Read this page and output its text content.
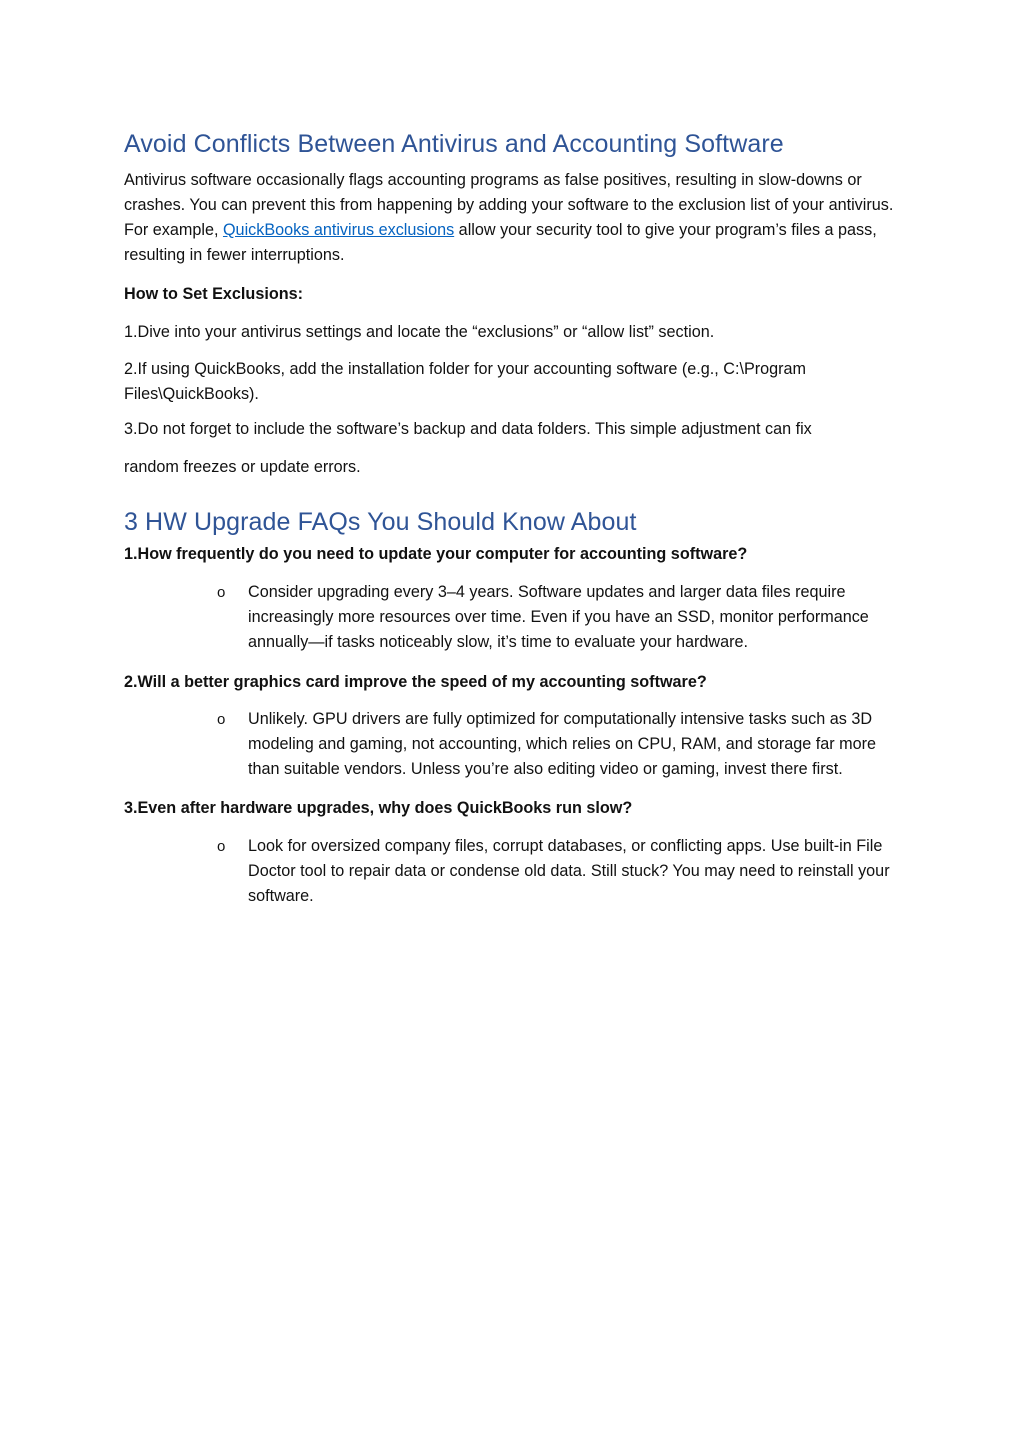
Avoid Conflicts Between Antivirus and Accounting Software

Antivirus software occasionally flags accounting programs as false positives, resulting in slow-downs or crashes. You can prevent this from happening by adding your software to the exclusion list of your antivirus. For example, QuickBooks antivirus exclusions allow your security tool to give your program’s files a pass, resulting in fewer interruptions.

How to Set Exclusions:

1.Dive into your antivirus settings and locate the “exclusions” or “allow list” section.

2.If using QuickBooks, add the installation folder for your accounting software (e.g., C:\Program Files\QuickBooks).

3.Do not forget to include the software’s backup and data folders. This simple adjustment can fix

random freezes or update errors.

3 HW Upgrade FAQs You Should Know About

1.How frequently do you need to update your computer for accounting software?

o Consider upgrading every 3–4 years. Software updates and larger data files require increasingly more resources over time. Even if you have an SSD, monitor performance annually—if tasks noticeably slow, it’s time to evaluate your hardware.

2.Will a better graphics card improve the speed of my accounting software?

o Unlikely. GPU drivers are fully optimized for computationally intensive tasks such as 3D modeling and gaming, not accounting, which relies on CPU, RAM, and storage far more than suitable vendors. Unless you’re also editing video or gaming, invest there first.

3.Even after hardware upgrades, why does QuickBooks run slow?

o Look for oversized company files, corrupt databases, or conflicting apps. Use built-in File Doctor tool to repair data or condense old data. Still stuck? You may need to reinstall your software.
